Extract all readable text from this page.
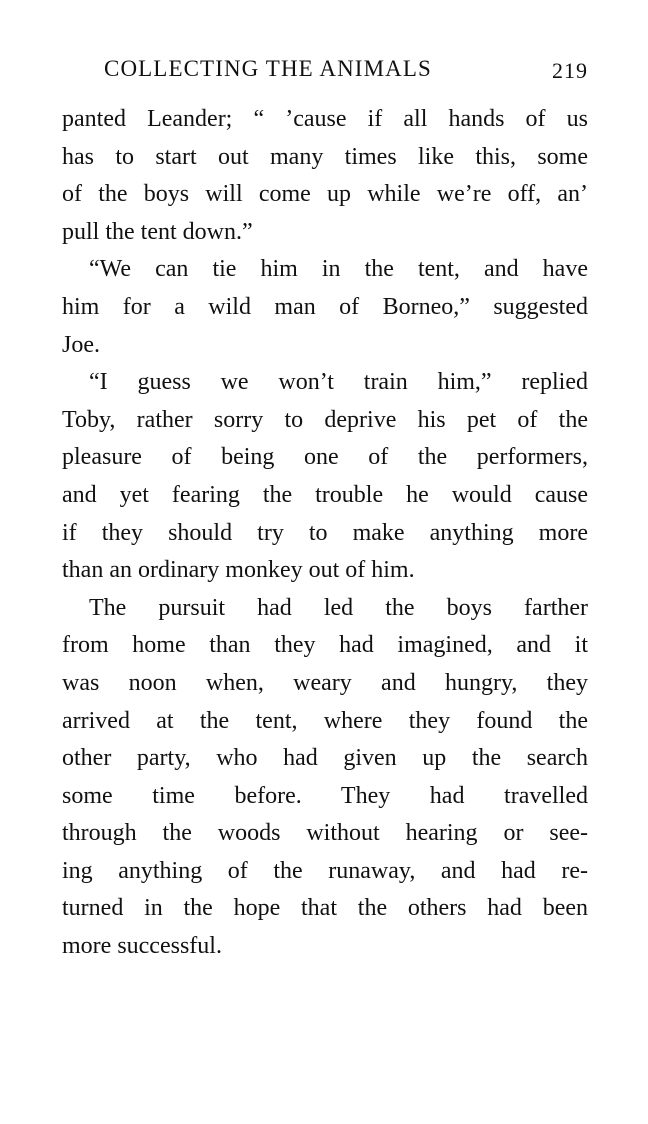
COLLECTING THE ANIMALS	219
panted Leander; “ ’cause if all hands of us
has to start out many times like this, some
of the boys will come up while we’re off, an’
pull the tent down.”
“We can tie him in the tent, and have
him for a wild man of Borneo,” suggested
Joe.
“I guess we won’t train him,” replied
Toby, rather sorry to deprive his pet of the
pleasure of being one of the performers,
and yet fearing the trouble he would cause
if they should try to make anything more
than an ordinary monkey out of him.
The pursuit had led the boys farther
from home than they had imagined, and it
was noon when, weary and hungry, they
arrived at the tent, where they found the
other party, who had given up the search
some time before. They had travelled
through the woods without hearing or see-
ing anything of the runaway, and had re-
turned in the hope that the others had been
more successful.
